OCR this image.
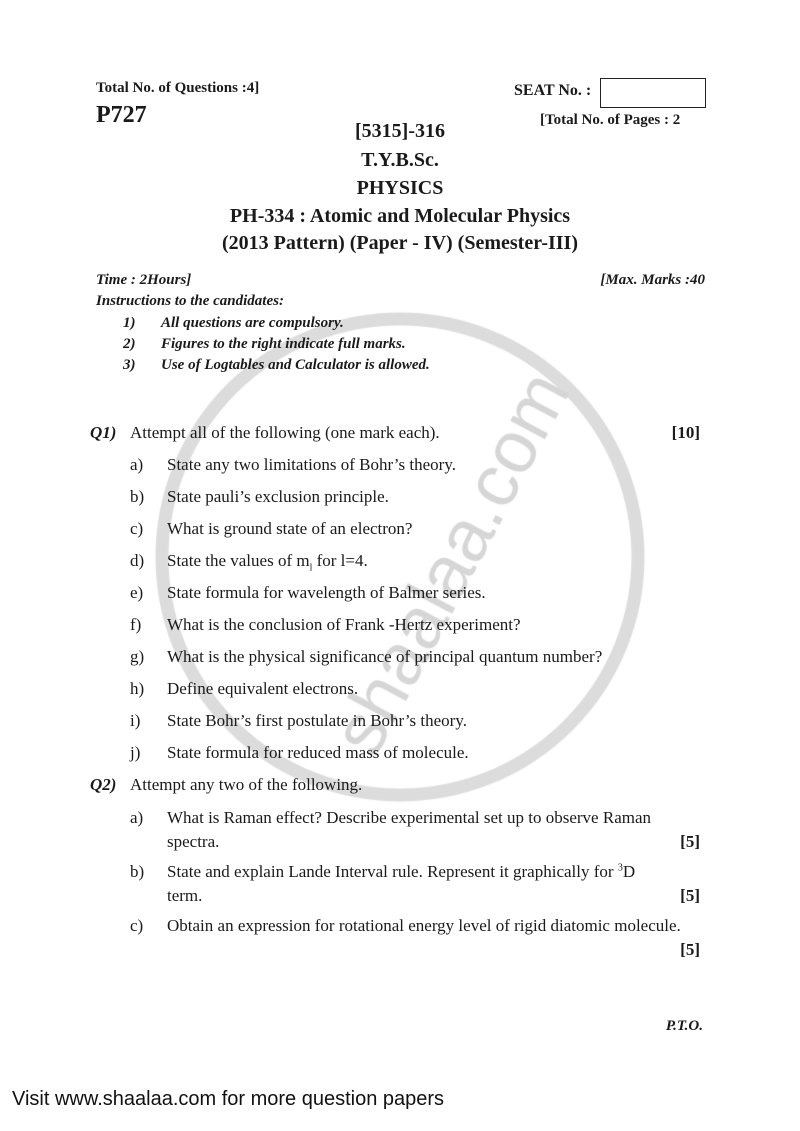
Total No. of Questions :4]
P727
SEAT No. :
[Total No. of Pages : 2
[5315]-316
T.Y.B.Sc.
PHYSICS
PH-334 : Atomic and Molecular Physics
(2013 Pattern) (Paper - IV) (Semester-III)
Time : 2Hours]	[Max. Marks :40
Instructions to the candidates:
1) All questions are compulsory.
2) Figures to the right indicate full marks.
3) Use of Logtables and Calculator is allowed.
Q1) Attempt all of the following (one mark each).	[10]
a) State any two limitations of Bohr’s theory.
b) State pauli’s exclusion principle.
c) What is ground state of an electron?
d) State the values of $m_l$ for l=4.
e) State formula for wavelength of Balmer series.
f) What is the conclusion of Frank -Hertz experiment?
g) What is the physical significance of principal quantum number?
h) Define equivalent electrons.
i) State Bohr’s first postulate in Bohr’s theory.
j) State formula for reduced mass of molecule.
Q2) Attempt any two of the following.
a) What is Raman effect? Describe experimental set up to observe Raman
spectra.	[5]
b) State and explain Lande Interval rule. Represent it graphically for $^3$D
term.	[5]
c) Obtain an expression for rotational energy level of rigid diatomic molecule.
[5]
P.T.O.
Visit www.shaalaa.com for more question papers
